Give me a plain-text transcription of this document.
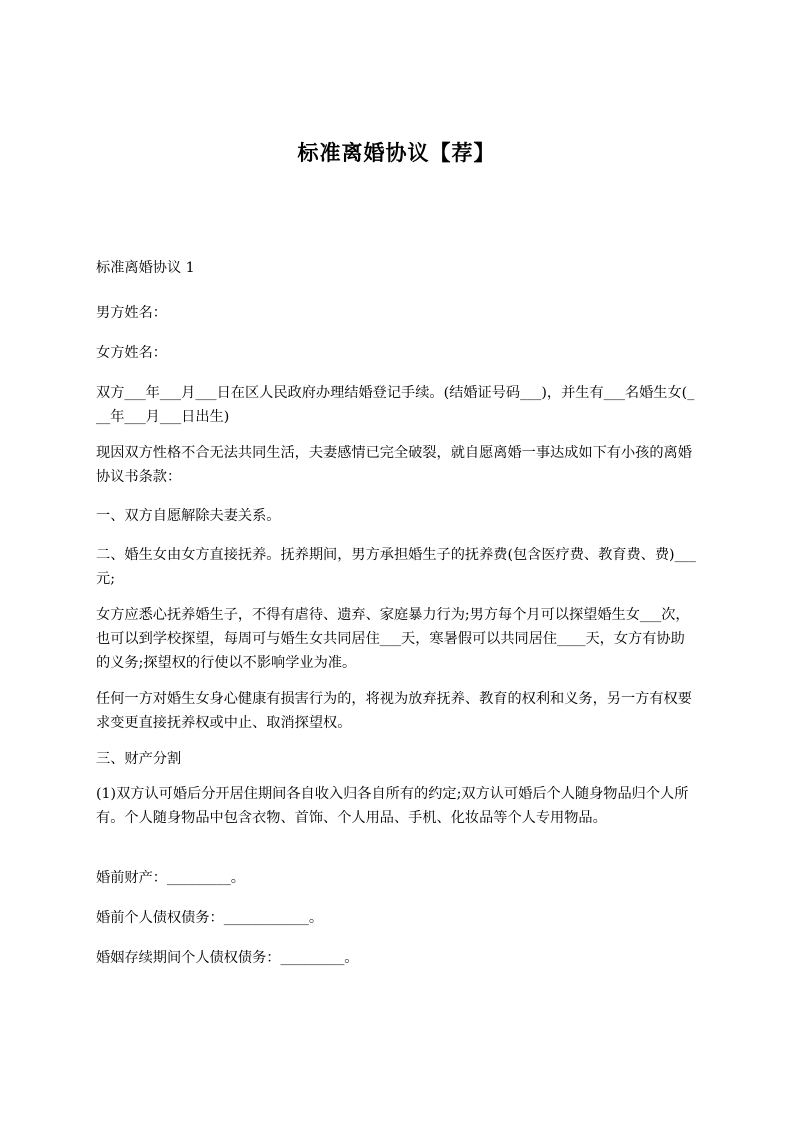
标准离婚协议【荐】

标准离婚协议 1

男方姓名：

女方姓名：

双方___年___月___日在区人民政府办理结婚登记手续。(结婚证号码___)，并生有___名婚生女(___年___月___日出生)

现因双方性格不合无法共同生活，夫妻感情已完全破裂，就自愿离婚一事达成如下有小孩的离婚协议书条款：

一、双方自愿解除夫妻关系。

二、婚生女由女方直接抚养。抚养期间，男方承担婚生子的抚养费(包含医疗费、教育费、费)___元;

女方应悉心抚养婚生子，不得有虐待、遗弃、家庭暴力行为;男方每个月可以探望婚生女___次，也可以到学校探望，每周可与婚生女共同居住___天，寒暑假可以共同居住____天，女方有协助的义务;探望权的行使以不影响学业为准。

任何一方对婚生女身心健康有损害行为的，将视为放弃抚养、教育的权利和义务，另一方有权要求变更直接抚养权或中止、取消探望权。

三、财产分割

(1)双方认可婚后分开居住期间各自收入归各自所有的约定;双方认可婚后个人随身物品归个人所有。个人随身物品中包含衣物、首饰、个人用品、手机、化妆品等个人专用物品。

婚前财产：_________。

婚前个人债权债务：____________。

婚姻存续期间个人债权债务：_________。
